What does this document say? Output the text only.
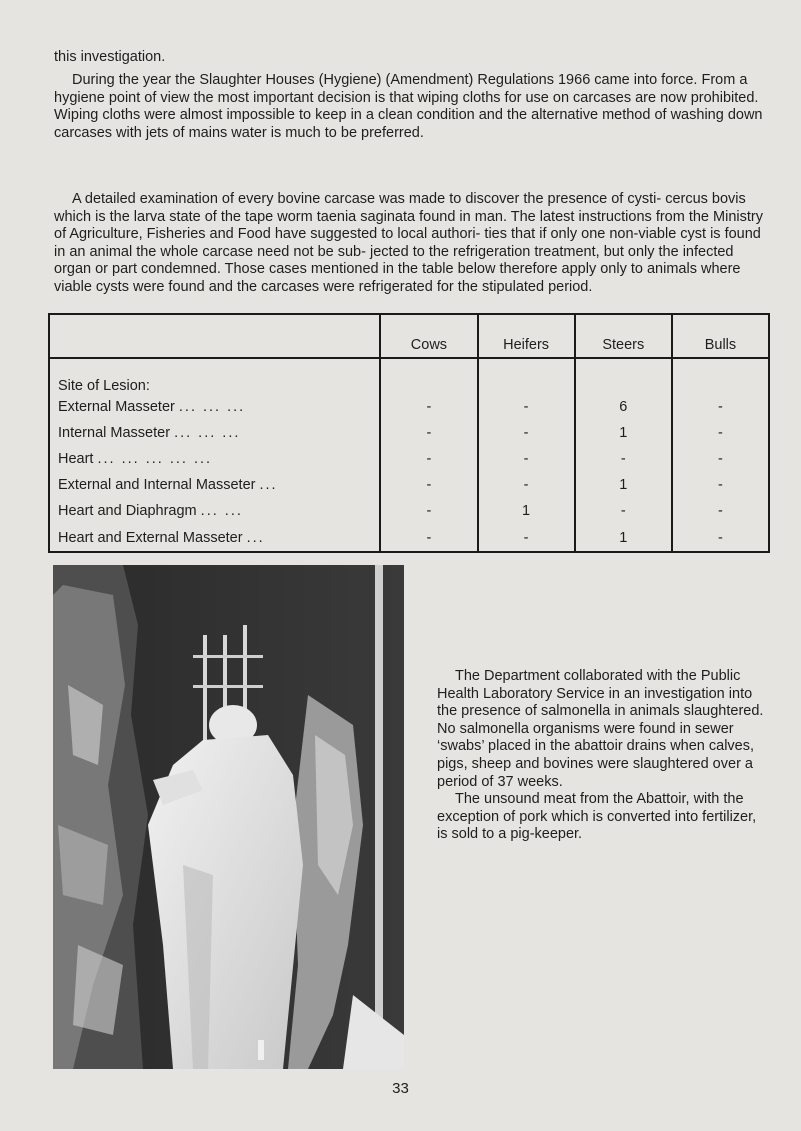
this investigation.

During the year the Slaughter Houses (Hygiene) (Amendment) Regulations 1966 came into force. From a hygiene point of view the most important decision is that wiping cloths for use on carcases are now prohibited. Wiping cloths were almost impossible to keep in a clean condition and the alternative method of washing down carcases with jets of mains water is much to be preferred.

A detailed examination of every bovine carcase was made to discover the presence of cysti- cercus bovis which is the larva state of the tape worm taenia saginata found in man. The latest instructions from the Ministry of Agriculture, Fisheries and Food have suggested to local authori- ties that if only one non-viable cyst is found in an animal the whole carcase need not be sub- jected to the refrigeration treatment, but only the infected organ or part condemned. Those cases mentioned in the table below therefore apply only to animals where viable cysts were found and the carcases were refrigerated for the stipulated period.

	Cows	Heifers	Steers	Bulls
Site of Lesion:				
External Masseter ... ... ...	-	-	6	-
Internal Masseter ... ... ...	-	-	1	-
Heart ... ... ... ... ...	-	-	-	-
External and Internal Masseter ...	-	-	1	-
Heart and Diaphragm ... ...	-	1	-	-
Heart and External Masseter ...	-	-	1	-

The Department collaborated with the Public Health Laboratory Service in an investigation into the presence of salmonella in animals slaughtered. No salmonella organisms were found in sewer ‘swabs’ placed in the abattoir drains when calves, pigs, sheep and bovines were slaughtered over a period of 37 weeks.

The unsound meat from the Abattoir, with the exception of pork which is converted into fertilizer, is sold to a pig-keeper.

33
